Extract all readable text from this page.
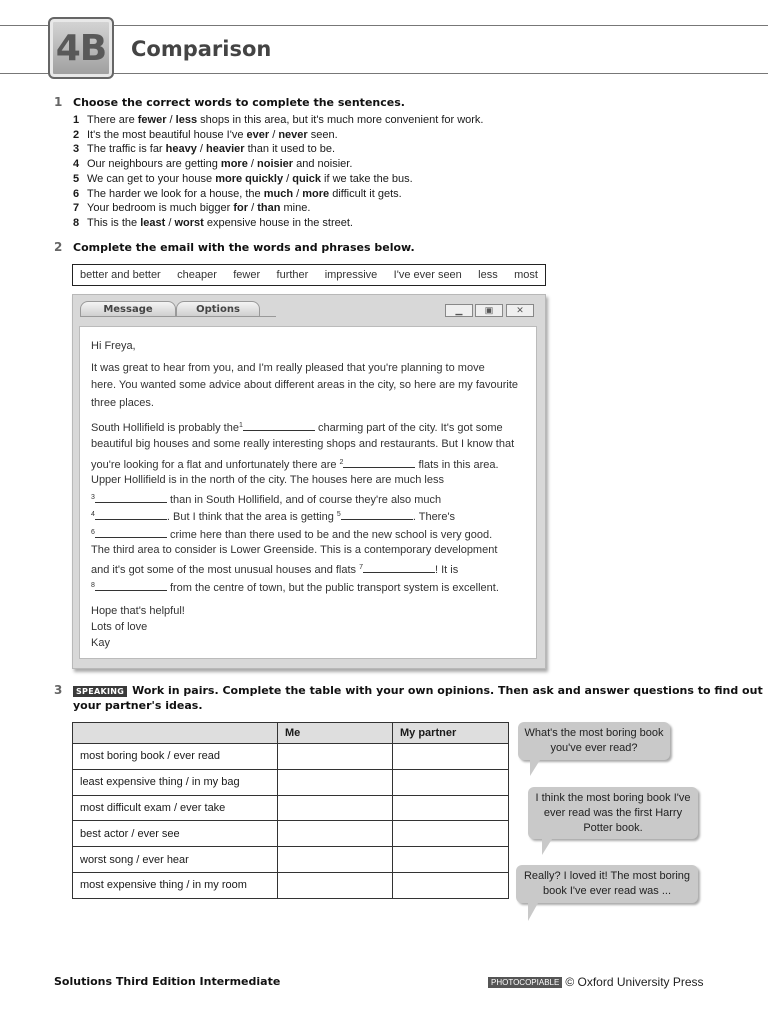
4B	Comparison
1 Choose the correct words to complete the sentences.
1 There are fewer / less shops in this area, but it's much more convenient for work.
2 It's the most beautiful house I've ever / never seen.
3 The traffic is far heavy / heavier than it used to be.
4 Our neighbours are getting more / noisier and noisier.
5 We can get to your house more quickly / quick if we take the bus.
6 The harder we look for a house, the much / more difficult it gets.
7 Your bedroom is much bigger for / than mine.
8 This is the least / worst expensive house in the street.
2 Complete the email with the words and phrases below.
better and better cheaper fewer further impressive I've ever seen less most
Message	Options	▁ ▣	✕
Hi Freya,
It was great to hear from you, and I'm really pleased that you're planning to move
here. You wanted some advice about different areas in the city, so here are my favourite
three places.
South Hollifield is probably the$^1$	charming part of the city. It's got some
beautiful big houses and some really interesting shops and restaurants. But I know that
you're looking for a flat and unfortunately there are $^2$	flats in this area.
Upper Hollifield is in the north of the city. The houses here are much less
$^3$	than in South Hollifield, and of course they're also much
$^4$	. But I think that the area is getting $^5$	. There's
$^6$	crime here than there used to be and the new school is very good.
The third area to consider is Lower Greenside. This is a contemporary development
and it's got some of the most unusual houses and flats $^7$	! It is
$^8$	from the centre of town, but the public transport system is excellent.
Hope that's helpful!
Lots of love
Kay
3	SPEAKING Work in pairs. Complete the table with your own opinions. Then ask and answer questions to find out
your partner's ideas.
	Me	My partner
most boring book / ever read		
least expensive thing / in my bag		
most difficult exam / ever take		
best actor / ever see		
worst song / ever hear		
most expensive thing / in my room		
What's the most boring book you've ever read?
I think the most boring book I've ever read was the first Harry Potter book.
Really? I loved it! The most boring book I've ever read was ...
Solutions Third Edition Intermediate	PHOTOCOPIABLE © Oxford University Press
